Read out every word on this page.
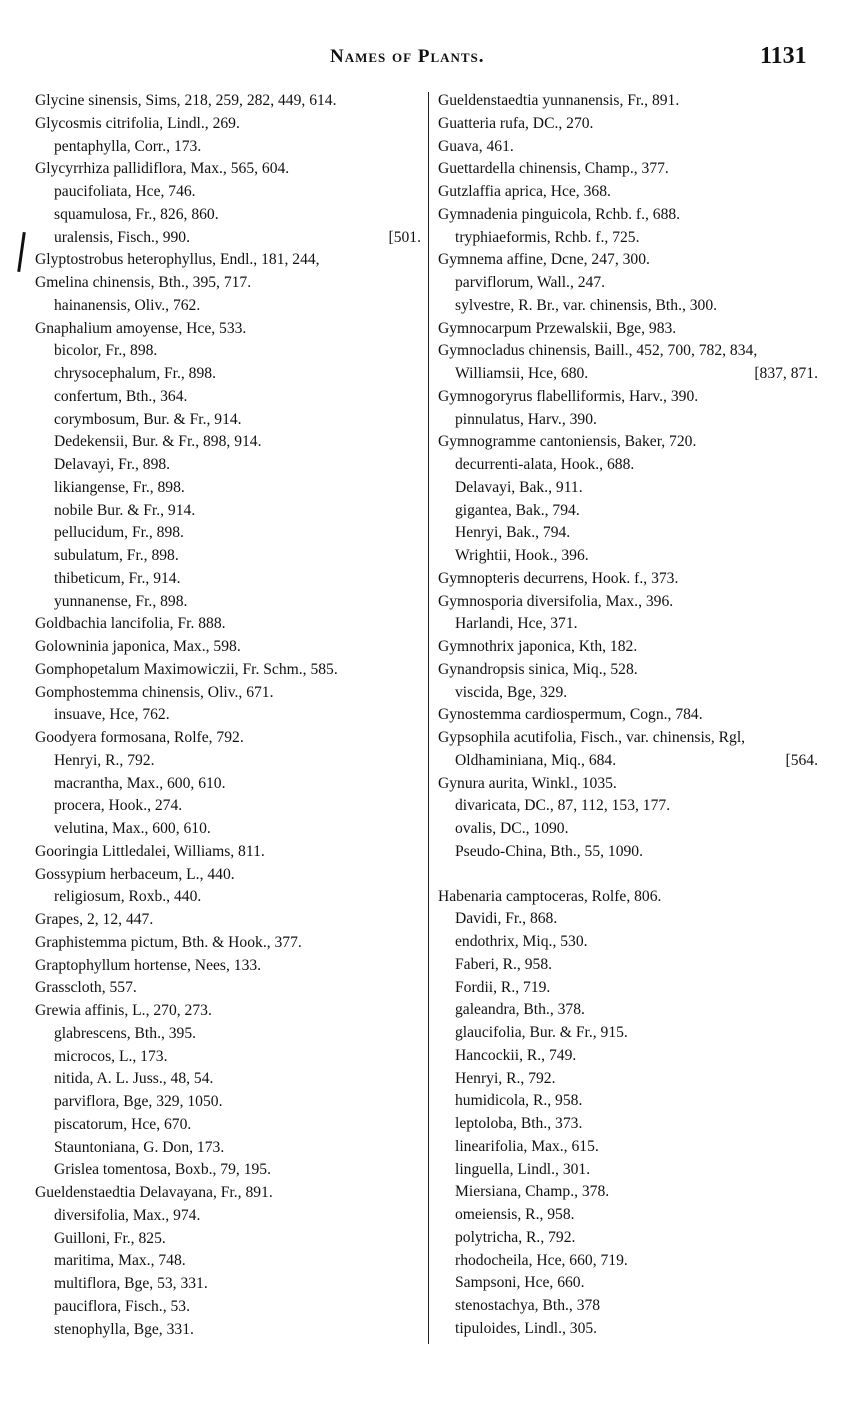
Names of Plants.	1131
Glycine sinensis, Sims, 218, 259, 282, 449, 614.
Glycosmis citrifolia, Lindl., 269.
pentaphylla, Corr., 173.
Glycyrrhiza pallidiflora, Max., 565, 604.
paucifoliata, Hce, 746.
squamulosa, Fr., 826, 860.
uralensis, Fisch., 990.	[501.
Glyptostrobus heterophyllus, Endl., 181, 244,
Gmelina chinensis, Bth., 395, 717.
hainanensis, Oliv., 762.
Gnaphalium amoyense, Hce, 533.
bicolor, Fr., 898.
chrysocephalum, Fr., 898.
confertum, Bth., 364.
corymbosum, Bur. & Fr., 914.
Dedekensii, Bur. & Fr., 898, 914.
Delavayi, Fr., 898.
likiangense, Fr., 898.
nobile Bur. & Fr., 914.
pellucidum, Fr., 898.
subulatum, Fr., 898.
thibeticum, Fr., 914.
yunnanense, Fr., 898.
Goldbachia lancifolia, Fr. 888.
Golowninia japonica, Max., 598.
Gomphopetalum Maximowiczii, Fr. Schm., 585.
Gomphostemma chinensis, Oliv., 671.
insuave, Hce, 762.
Goodyera formosana, Rolfe, 792.
Henryi, R., 792.
macrantha, Max., 600, 610.
procera, Hook., 274.
velutina, Max., 600, 610.
Gooringia Littledalei, Williams, 811.
Gossypium herbaceum, L., 440.
religiosum, Roxb., 440.
Grapes, 2, 12, 447.
Graphistemma pictum, Bth. & Hook., 377.
Graptophyllum hortense, Nees, 133.
Grasscloth, 557.
Grewia affinis, L., 270, 273.
glabrescens, Bth., 395.
microcos, L., 173.
nitida, A. L. Juss., 48, 54.
parviflora, Bge, 329, 1050.
piscatorum, Hce, 670.
Stauntoniana, G. Don, 173.
Grislea tomentosa, Boxb., 79, 195.
Gueldenstaedtia Delavayana, Fr., 891.
diversifolia, Max., 974.
Guilloni, Fr., 825.
maritima, Max., 748.
multiflora, Bge, 53, 331.
pauciflora, Fisch., 53.
stenophylla, Bge, 331.
Gueldenstaedtia yunnanensis, Fr., 891.
Guatteria rufa, DC., 270.
Guava, 461.
Guettardella chinensis, Champ., 377.
Gutzlaffia aprica, Hce, 368.
Gymnadenia pinguicola, Rchb. f., 688.
tryphiaeformis, Rchb. f., 725.
Gymnema affine, Dcne, 247, 300.
parviflorum, Wall., 247.
sylvestre, R. Br., var. chinensis, Bth., 300.
Gymnocarpum Przewalskii, Bge, 983.
Gymnocladus chinensis, Baill., 452, 700, 782, 834,
Williamsii, Hce, 680.	[837, 871.
Gymnogoryrus flabelliformis, Harv., 390.
pinnulatus, Harv., 390.
Gymnogramme cantoniensis, Baker, 720.
decurrenti-alata, Hook., 688.
Delavayi, Bak., 911.
gigantea, Bak., 794.
Henryi, Bak., 794.
Wrightii, Hook., 396.
Gymnopteris decurrens, Hook. f., 373.
Gymnosporia diversifolia, Max., 396.
Harlandi, Hce, 371.
Gymnothrix japonica, Kth, 182.
Gynandropsis sinica, Miq., 528.
viscida, Bge, 329.
Gynostemma cardiospermum, Cogn., 784.
Gypsophila acutifolia, Fisch., var. chinensis, Rgl,
Oldhaminiana, Miq., 684.	[564.
Gynura aurita, Winkl., 1035.
divaricata, DC., 87, 112, 153, 177.
ovalis, DC., 1090.
Pseudo-China, Bth., 55, 1090.
Habenaria camptoceras, Rolfe, 806.
Davidi, Fr., 868.
endothrix, Miq., 530.
Faberi, R., 958.
Fordii, R., 719.
galeandra, Bth., 378.
glaucifolia, Bur. & Fr., 915.
Hancockii, R., 749.
Henryi, R., 792.
humidicola, R., 958.
leptoloba, Bth., 373.
linearifolia, Max., 615.
linguella, Lindl., 301.
Miersiana, Champ., 378.
omeiensis, R., 958.
polytricha, R., 792.
rhodocheila, Hce, 660, 719.
Sampsoni, Hce, 660.
stenostachya, Bth., 378
tipuloides, Lindl., 305.
